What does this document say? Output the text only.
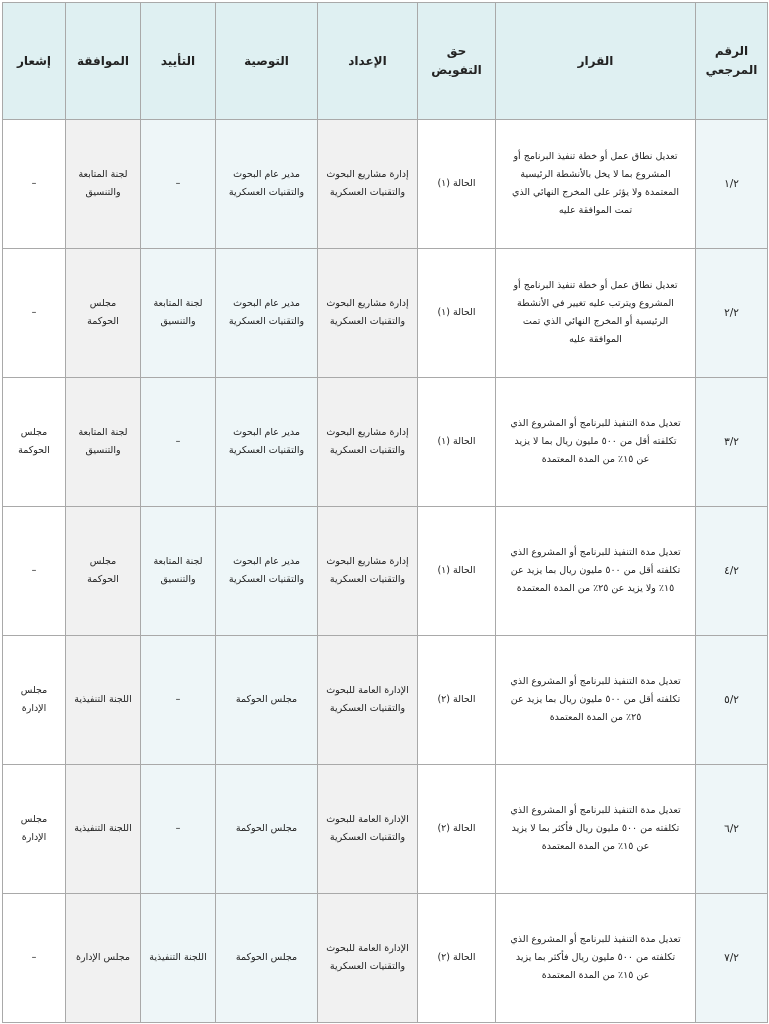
الرقم المرجعي	القرار	حق التفويض	الإعداد	التوصية	التأييد	الموافقة	إشعار
١/٢	تعديل نطاق عمل أو خطة تنفيذ البرنامج أو المشروع بما لا يخل بالأنشطة الرئيسية المعتمدة ولا يؤثر على المخرج النهائي الذي تمت الموافقة عليه	الحالة (١)	إدارة مشاريع البحوث والتقنيات العسكرية	مدير عام البحوث والتقنيات العسكرية	–	لجنة المتابعة والتنسيق	–
٢/٢	تعديل نطاق عمل أو خطة تنفيذ البرنامج أو المشروع ويترتب عليه تغيير في الأنشطة الرئيسية أو المخرج النهائي الذي تمت الموافقة عليه	الحالة (١)	إدارة مشاريع البحوث والتقنيات العسكرية	مدير عام البحوث والتقنيات العسكرية	لجنة المتابعة والتنسيق	مجلس الحوكمة	–
٣/٢	تعديل مدة التنفيذ للبرنامج أو المشروع الذي تكلفته أقل من ٥٠٠ مليون ريال بما لا يزيد عن ١٥٪ من المدة المعتمدة	الحالة (١)	إدارة مشاريع البحوث والتقنيات العسكرية	مدير عام البحوث والتقنيات العسكرية	–	لجنة المتابعة والتنسيق	مجلس الحوكمة
٤/٢	تعديل مدة التنفيذ للبرنامج أو المشروع الذي تكلفته أقل من ٥٠٠ مليون ريال بما يزيد عن ١٥٪ ولا يزيد عن ٢٥٪ من المدة المعتمدة	الحالة (١)	إدارة مشاريع البحوث والتقنيات العسكرية	مدير عام البحوث والتقنيات العسكرية	لجنة المتابعة والتنسيق	مجلس الحوكمة	–
٥/٢	تعديل مدة التنفيذ للبرنامج أو المشروع الذي تكلفته أقل من ٥٠٠ مليون ريال بما يزيد عن ٢٥٪ من المدة المعتمدة	الحالة (٢)	الإدارة العامة للبحوث والتقنيات العسكرية	مجلس الحوكمة	–	اللجنة التنفيذية	مجلس الإدارة
٦/٢	تعديل مدة التنفيذ للبرنامج أو المشروع الذي تكلفته من ٥٠٠ مليون ريال فأكثر بما لا يزيد عن ١٥٪ من المدة المعتمدة	الحالة (٢)	الإدارة العامة للبحوث والتقنيات العسكرية	مجلس الحوكمة	–	اللجنة التنفيذية	مجلس الإدارة
٧/٢	تعديل مدة التنفيذ للبرنامج أو المشروع الذي تكلفته من ٥٠٠ مليون ريال فأكثر بما يزيد عن ١٥٪ من المدة المعتمدة	الحالة (٢)	الإدارة العامة للبحوث والتقنيات العسكرية	مجلس الحوكمة	اللجنة التنفيذية	مجلس الإدارة	–
